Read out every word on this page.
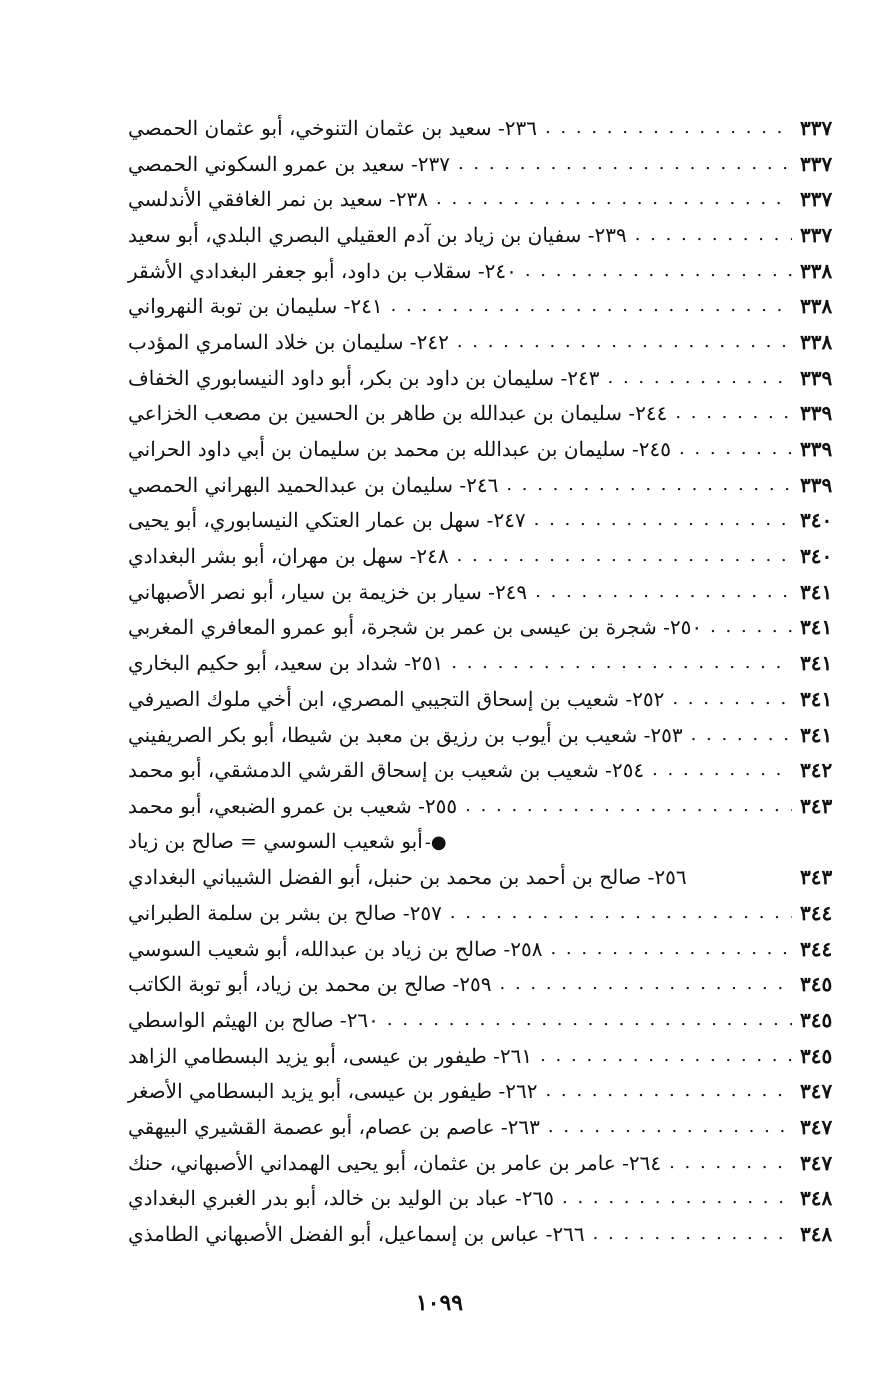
٢٣٦- سعيد بن عثمان التنوخي، أبو عثمان الحمصي . . .	٣٣٧
٢٣٧- سعيد بن عمرو السكوني الحمصي . . .	٣٣٧
٢٣٨- سعيد بن نمر الغافقي الأندلسي . . .	٣٣٧
٢٣٩- سفيان بن زياد بن آدم العقيلي البصري البلدي، أبو سعيد . . .	٣٣٧
٢٤٠- سقلاب بن داود، أبو جعفر البغدادي الأشقر . . .	٣٣٨
٢٤١- سليمان بن توبة النهرواني . . .	٣٣٨
٢٤٢- سليمان بن خلاد السامري المؤدب . . .	٣٣٨
٢٤٣- سليمان بن داود بن بكر، أبو داود النيسابوري الخفاف . . .	٣٣٩
٢٤٤- سليمان بن عبدالله بن طاهر بن الحسين بن مصعب الخزاعي . . .	٣٣٩
٢٤٥- سليمان بن عبدالله بن محمد بن سليمان بن أبي داود الحراني . . .	٣٣٩
٢٤٦- سليمان بن عبدالحميد البهراني الحمصي . . .	٣٣٩
٢٤٧- سهل بن عمار العتكي النيسابوري، أبو يحيى . . .	٣٤٠
٢٤٨- سهل بن مهران، أبو بشر البغدادي . . .	٣٤٠
٢٤٩- سيار بن خزيمة بن سيار، أبو نصر الأصبهاني . . .	٣٤١
٢٥٠- شجرة بن عيسى بن عمر بن شجرة، أبو عمرو المعافري المغربي . . .	٣٤١
٢٥١- شداد بن سعيد، أبو حكيم البخاري . . .	٣٤١
٢٥٢- شعيب بن إسحاق التجيبي المصري، ابن أخي ملوك الصيرفي . . .	٣٤١
٢٥٣- شعيب بن أيوب بن رزيق بن معبد بن شيطا، أبو بكر الصريفيني . . .	٣٤١
٢٥٤- شعيب بن شعيب بن إسحاق القرشي الدمشقي، أبو محمد . . .	٣٤٢
٢٥٥- شعيب بن عمرو الضبعي، أبو محمد . . .	٣٤٣
●-أبو شعيب السوسي = صالح بن زياد
٢٥٦- صالح بن أحمد بن محمد بن حنبل، أبو الفضل الشيباني البغدادي	٣٤٣
٢٥٧- صالح بن بشر بن سلمة الطبراني . . .	٣٤٤
٢٥٨- صالح بن زياد بن عبدالله، أبو شعيب السوسي . . .	٣٤٤
٢٥٩- صالح بن محمد بن زياد، أبو توبة الكاتب . . .	٣٤٥
٢٦٠- صالح بن الهيثم الواسطي . . .	٣٤٥
٢٦١- طيفور بن عيسى، أبو يزيد البسطامي الزاهد . . .	٣٤٥
٢٦٢- طيفور بن عيسى، أبو يزيد البسطامي الأصغر . . .	٣٤٧
٢٦٣- عاصم بن عصام، أبو عصمة القشيري البيهقي . . .	٣٤٧
٢٦٤- عامر بن عامر بن عثمان، أبو يحيى الهمداني الأصبهاني، حنك . . .	٣٤٧
٢٦٥- عباد بن الوليد بن خالد، أبو بدر الغبري البغدادي . . .	٣٤٨
٢٦٦- عباس بن إسماعيل، أبو الفضل الأصبهاني الطامذي . . .	٣٤٨
١٠٩٩
